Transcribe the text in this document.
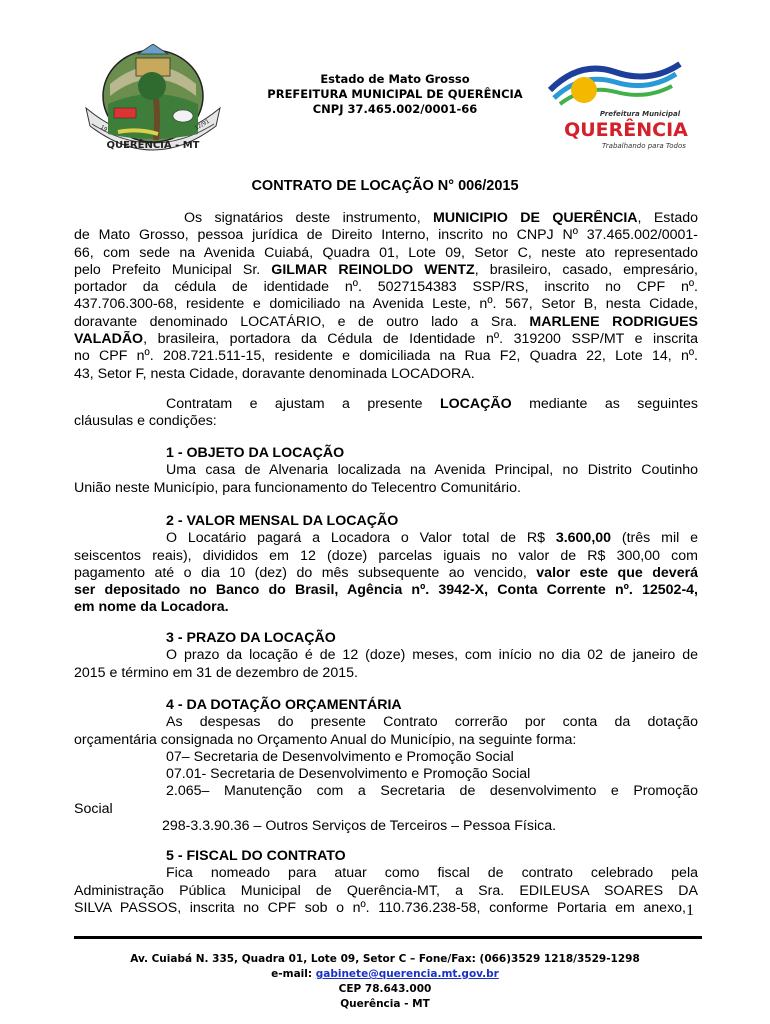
19	12/91
QUERÊNCIA - MT
Estado de Mato Grosso
PREFEITURA MUNICIPAL DE QUERÊNCIA
CNPJ 37.465.002/0001-66	Prefeitura Municipal
QUERÊNCIA
Trabalhando para Todos
CONTRATO DE LOCAÇÃO N° 006/2015
Os signatários deste instrumento, MUNICIPIO DE QUERÊNCIA, Estado
de Mato Grosso, pessoa jurídica de Direito Interno, inscrito no CNPJ Nº 37.465.002/0001-
66, com sede na Avenida Cuiabá, Quadra 01, Lote 09, Setor C, neste ato representado
pelo Prefeito Municipal Sr. GILMAR REINOLDO WENTZ, brasileiro, casado, empresário,
portador da cédula de identidade nº. 5027154383 SSP/RS, inscrito no CPF nº.
437.706.300-68, residente e domiciliado na Avenida Leste, nº. 567, Setor B, nesta Cidade,
doravante denominado LOCATÁRIO, e de outro lado a Sra. MARLENE RODRIGUES
VALADÃO, brasileira, portadora da Cédula de Identidade nº. 319200 SSP/MT e inscrita
no CPF nº. 208.721.511-15, residente e domiciliada na Rua F2, Quadra 22, Lote 14, nº.
43, Setor F, nesta Cidade, doravante denominada LOCADORA.
Contratam e ajustam a presente LOCAÇÃO mediante as seguintes
cláusulas e condições:
1 - OBJETO DA LOCAÇÃO
Uma casa de Alvenaria localizada na Avenida Principal, no Distrito Coutinho
União neste Município, para funcionamento do Telecentro Comunitário.
2 - VALOR MENSAL DA LOCAÇÃO
O Locatário pagará a Locadora o Valor total de R$ 3.600,00 (três mil e
seiscentos reais), divididos em 12 (doze) parcelas iguais no valor de R$ 300,00 com
pagamento até o dia 10 (dez) do mês subsequente ao vencido, valor este que deverá
ser depositado no Banco do Brasil, Agência nº. 3942-X, Conta Corrente nº. 12502-4,
em nome da Locadora.
3 - PRAZO DA LOCAÇÃO
O prazo da locação é de 12 (doze) meses, com início no dia 02 de janeiro de
2015 e término em 31 de dezembro de 2015.
4 - DA DOTAÇÃO ORÇAMENTÁRIA
As despesas do presente Contrato correrão por conta da dotação
orçamentária consignada no Orçamento Anual do Município, na seguinte forma:
07– Secretaria de Desenvolvimento e Promoção Social
07.01- Secretaria de Desenvolvimento e Promoção Social
2.065– Manutenção com a Secretaria de desenvolvimento e Promoção
Social
298-3.3.90.36 – Outros Serviços de Terceiros – Pessoa Física.
5 - FISCAL DO CONTRATO
Fica nomeado para atuar como fiscal de contrato celebrado pela
Administração Pública Municipal de Querência-MT, a Sra. EDILEUSA SOARES DA
SILVA PASSOS, inscrita no CPF sob o nº. 110.736.238-58, conforme Portaria em anexo, 1
Av. Cuiabá N. 335, Quadra 01, Lote 09, Setor C – Fone/Fax: (066)3529 1218/3529-1298
e-mail: gabinete@querencia.mt.gov.br
CEP 78.643.000
Querência - MT
